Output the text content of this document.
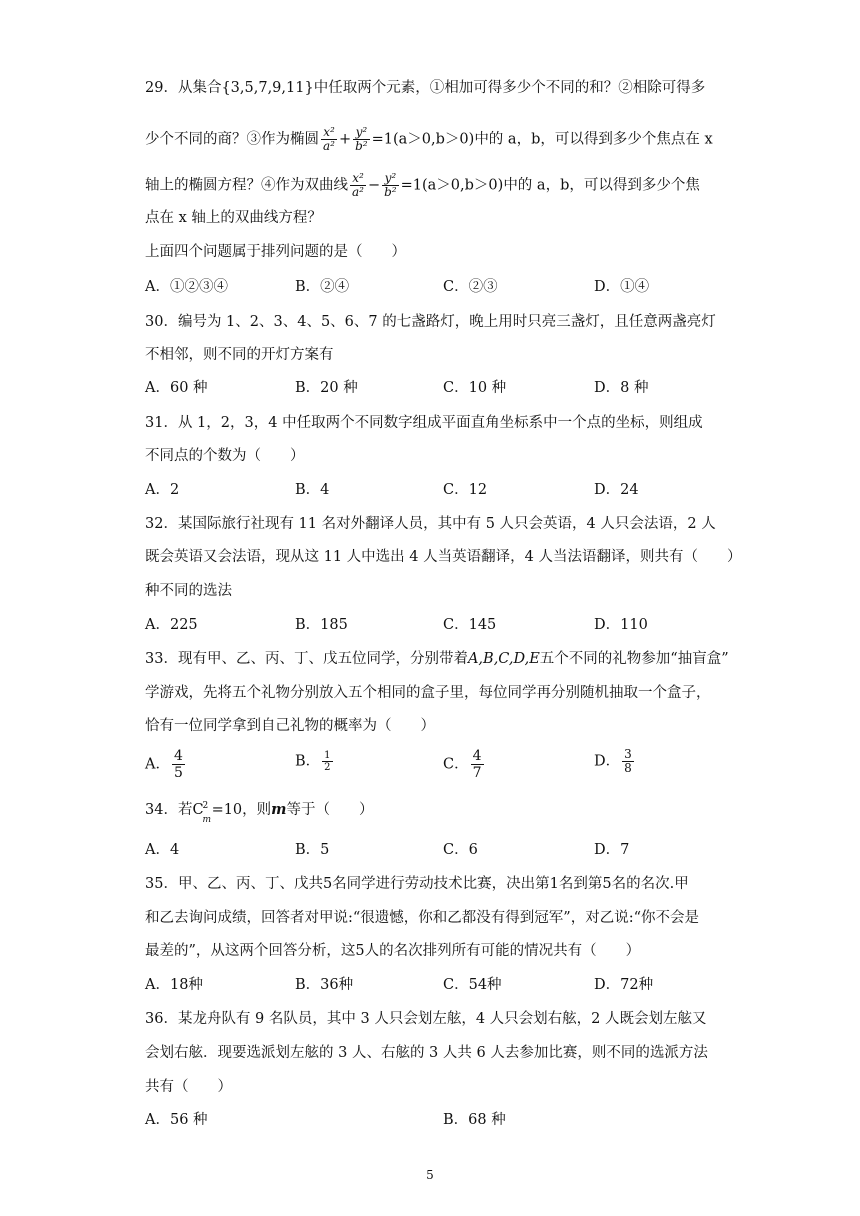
29．从集合{3,5,7,9,11}中任取两个元素，①相加可得多少个不同的和？②相除可得多
少个不同的商？③作为椭圆 $\frac{\text{x²}}{\text{a²}} + \frac{\text{y²}}{\text{b²}} =1(a>0,b>0)$中的 a，b，可以得到多少个焦点在 x
轴上的椭圆方程？④作为双曲线 $\frac{\text{x²}}{\text{a²}} - \frac{\text{y²}}{\text{b²}} =1(a>0,b>0)$中的 a，b，可以得到多少个焦
点在 x 轴上的双曲线方程？
上面四个问题属于排列问题的是（　　）
A．①②③④	B．②④	C．②③	D．①④
30．编号为 1、2、3、4、5、6、7 的七盏路灯，晚上用时只亮三盏灯，且任意两盏亮灯
不相邻，则不同的开灯方案有
A．60 种	B．20 种	C．10 种	D．8 种
31．从 1，2，3，4 中任取两个不同数字组成平面直角坐标系中一个点的坐标，则组成
不同点的个数为（　　）
A．2	B．4	C．12	D．24
32．某国际旅行社现有 11 名对外翻译人员，其中有 5 人只会英语，4 人只会法语，2 人
既会英语又会法语，现从这 11 人中选出 4 人当英语翻译，4 人当法语翻译，则共有（　　）
种不同的选法
A．225	B．185	C．145	D．110
33．现有甲、乙、丙、丁、戊五位同学，分别带着A,B,C,D,E五个不同的礼物参加“抽盲盒”
学游戏，先将五个礼物分别放入五个相同的盒子里，每位同学再分别随机抽取一个盒子，
恰有一位同学拿到自己礼物的概率为（　　）
A． $\frac{4}{5}$	B． $\frac{1}{2}$	C． $\frac{4}{7}$	D． $\frac{3}{8}$
34．若C
2
m
=10，则m等于（　　）
A．4	B．5	C．6	D．7
35．甲、乙、丙、丁、戊共5名同学进行劳动技术比赛，决出第1名到第5名的名次.甲
和乙去询问成绩，回答者对甲说:“很遗憾，你和乙都没有得到冠军”，对乙说:“你不会是
最差的”，从这两个回答分析，这5人的名次排列所有可能的情况共有（　　）
A．18种	B．36种	C．54种	D．72种
36．某龙舟队有 9 名队员，其中 3 人只会划左舷，4 人只会划右舷，2 人既会划左舷又
会划右舷．现要选派划左舷的 3 人、右舷的 3 人共 6 人去参加比赛，则不同的选派方法
共有（　　）
A．56 种	B．68 种
5
